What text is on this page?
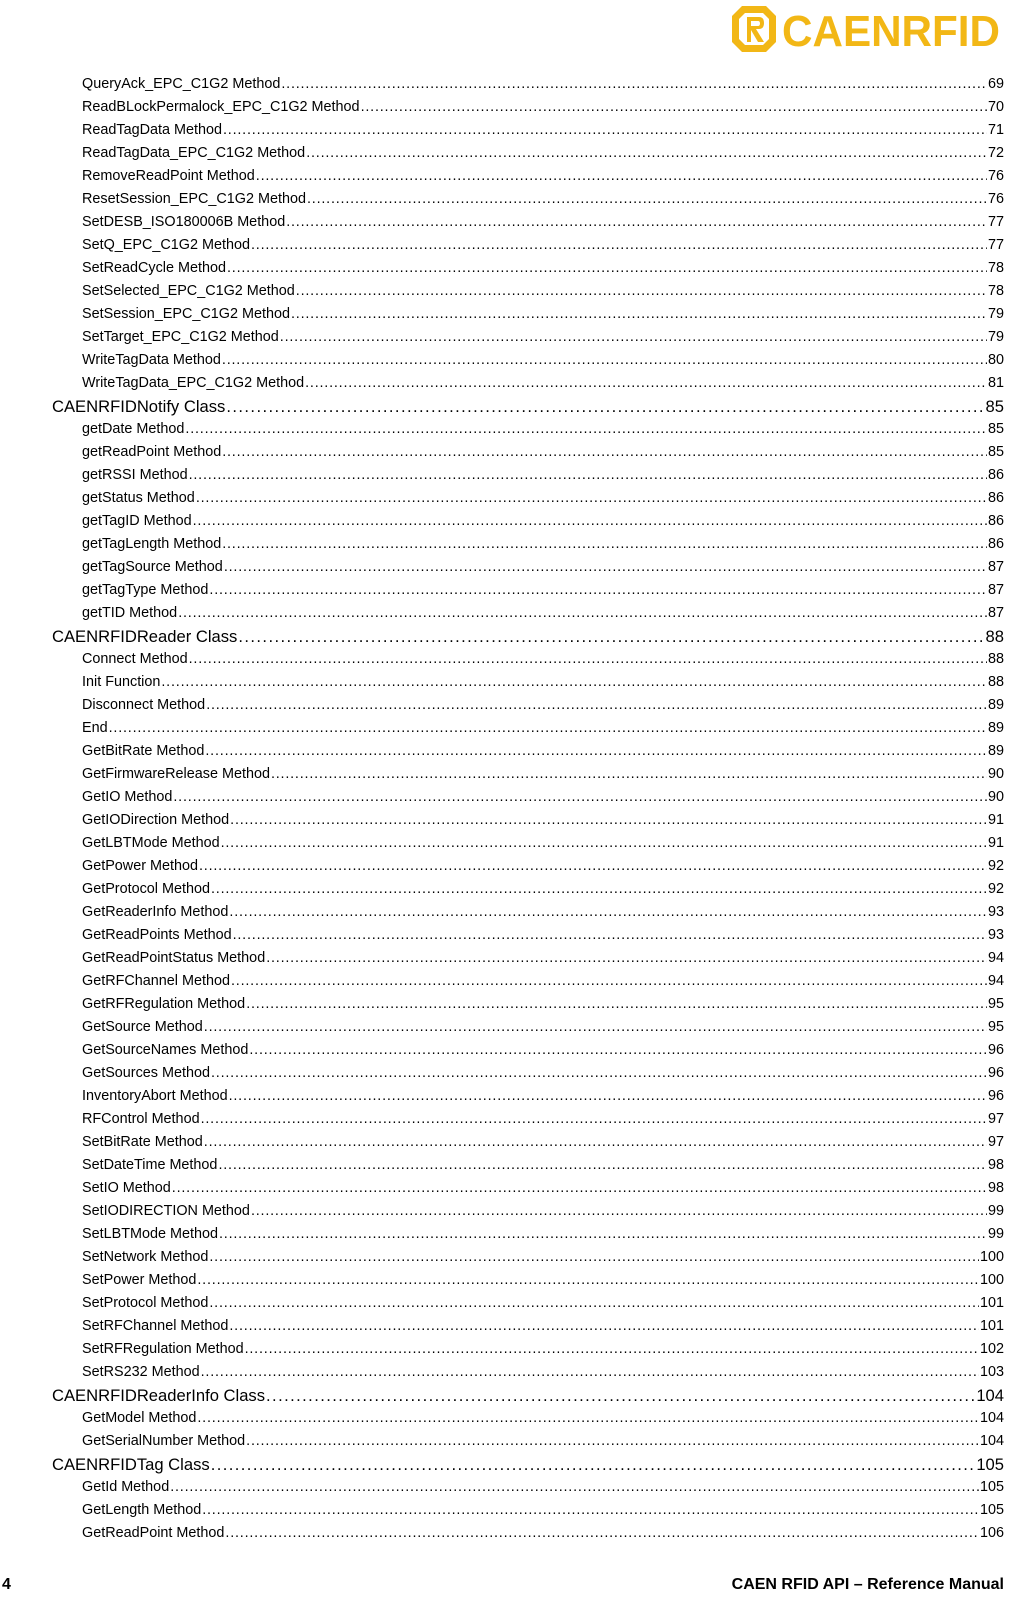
CAENRFID
QueryAck_EPC_C1G2 Method . . .	69
ReadBLockPermalock_EPC_C1G2 Method . . .	70
ReadTagData Method . . .	71
ReadTagData_EPC_C1G2 Method . . .	72
RemoveReadPoint Method . . .	76
ResetSession_EPC_C1G2 Method . . .	76
SetDESB_ISO180006B Method . . .	77
SetQ_EPC_C1G2 Method . . .	77
SetReadCycle Method . . .	78
SetSelected_EPC_C1G2 Method . . .	78
SetSession_EPC_C1G2 Method . . .	79
SetTarget_EPC_C1G2 Method . . .	79
WriteTagData Method . . .	80
WriteTagData_EPC_C1G2 Method . . .	81
CAENRFIDNotify Class . . .	85
getDate Method . . .	85
getReadPoint Method . . .	85
getRSSI Method . . .	86
getStatus Method . . .	86
getTagID Method . . .	86
getTagLength Method . . .	86
getTagSource Method . . .	87
getTagType Method . . .	87
getTID Method . . .	87
CAENRFIDReader Class . . .	88
Connect Method . . .	88
Init Function . . .	88
Disconnect Method . . .	89
End . . .	89
GetBitRate Method . . .	89
GetFirmwareRelease Method . . .	90
GetIO Method . . .	90
GetIODirection Method . . .	91
GetLBTMode Method . . .	91
GetPower Method . . .	92
GetProtocol Method . . .	92
GetReaderInfo Method . . .	93
GetReadPoints Method . . .	93
GetReadPointStatus Method . . .	94
GetRFChannel Method . . .	94
GetRFRegulation Method . . .	95
GetSource Method . . .	95
GetSourceNames Method . . .	96
GetSources Method . . .	96
InventoryAbort Method . . .	96
RFControl Method . . .	97
SetBitRate Method . . .	97
SetDateTime Method . . .	98
SetIO Method . . .	98
SetIODIRECTION Method . . .	99
SetLBTMode Method . . .	99
SetNetwork Method . . .	100
SetPower Method . . .	100
SetProtocol Method . . .	101
SetRFChannel Method . . .	101
SetRFRegulation Method . . .	102
SetRS232 Method . . .	103
CAENRFIDReaderInfo Class . . .	104
GetModel Method . . .	104
GetSerialNumber Method . . .	104
CAENRFIDTag Class . . .	105
GetId Method . . .	105
GetLength Method . . .	105
GetReadPoint Method . . .	106
4	CAEN RFID API – Reference Manual
